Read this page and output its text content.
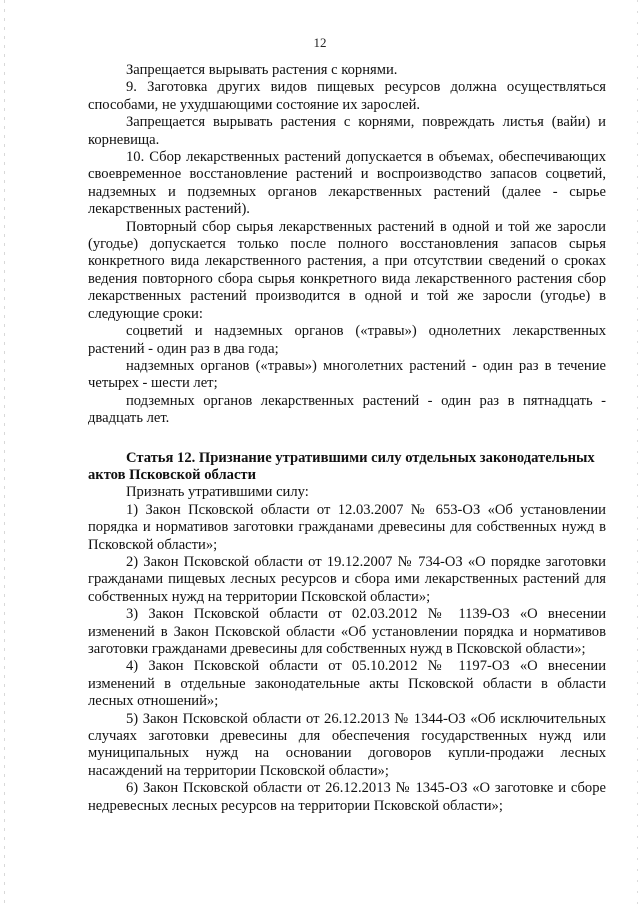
12

Запрещается вырывать растения с корнями.

9. Заготовка других видов пищевых ресурсов должна осуществляться способами, не ухудшающими состояние их зарослей.

Запрещается вырывать растения с корнями, повреждать листья (вайи) и корневища.

10. Сбор лекарственных растений допускается в объемах, обеспечивающих своевременное восстановление растений и воспроизводство запасов соцветий, надземных и подземных органов лекарственных растений (далее - сырье лекарственных растений).

Повторный сбор сырья лекарственных растений в одной и той же заросли (угодье) допускается только после полного восстановления запасов сырья конкретного вида лекарственного растения, а при отсутствии сведений о сроках ведения повторного сбора сырья конкретного вида лекарственного растения сбор лекарственных растений производится в одной и той же заросли (угодье) в следующие сроки:

соцветий и надземных органов («травы») однолетних лекарственных растений - один раз в два года;

надземных органов («травы») многолетних растений - один раз в течение четырех - шести лет;

подземных органов лекарственных растений - один раз в пятнадцать - двадцать лет.

Статья 12. Признание утратившими силу отдельных законодательных
актов Псковской области

Признать утратившими силу:

1) Закон Псковской области от 12.03.2007 № 653-ОЗ «Об установлении порядка и нормативов заготовки гражданами древесины для собственных нужд в Псковской области»;

2) Закон Псковской области от 19.12.2007 № 734-ОЗ «О порядке заготовки гражданами пищевых лесных ресурсов и сбора ими лекарственных растений для собственных нужд на территории Псковской области»;

3) Закон Псковской области от 02.03.2012 № 1139-ОЗ «О внесении изменений в Закон Псковской области «Об установлении порядка и нормативов заготовки гражданами древесины для собственных нужд в Псковской области»;

4) Закон Псковской области от 05.10.2012 № 1197-ОЗ «О внесении изменений в отдельные законодательные акты Псковской области в области лесных отношений»;

5) Закон Псковской области от 26.12.2013 № 1344-ОЗ «Об исключительных случаях заготовки древесины для обеспечения государственных нужд или муниципальных нужд на основании договоров купли-продажи лесных насаждений на территории Псковской области»;

6) Закон Псковской области от 26.12.2013 № 1345-ОЗ «О заготовке и сборе недревесных лесных ресурсов на территории Псковской области»;
